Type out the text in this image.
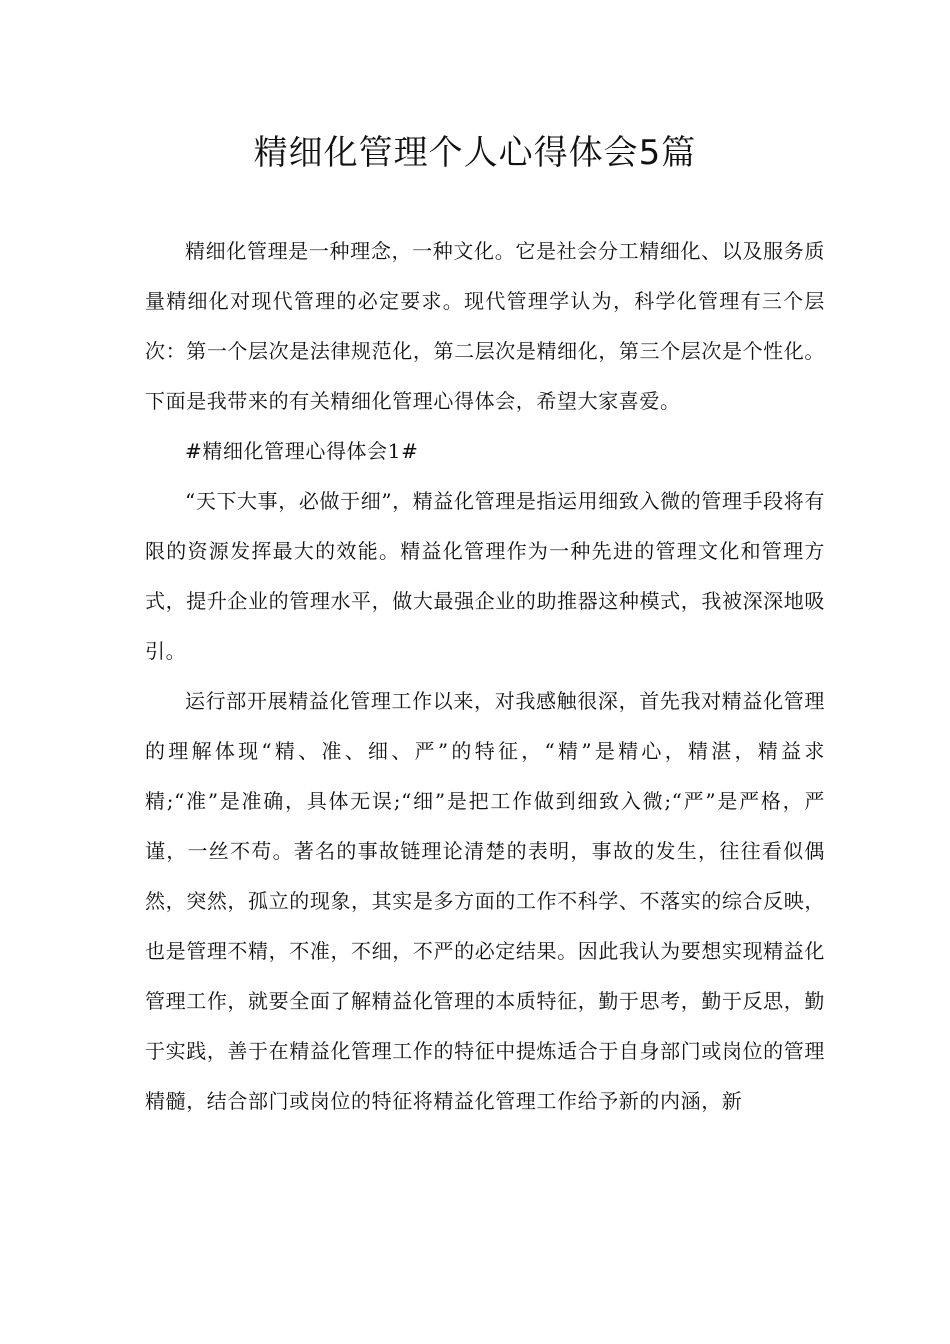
精细化管理个人心得体会5篇

精细化管理是一种理念，一种文化。它是社会分工精细化、以及服务质量精细化对现代管理的必定要求。现代管理学认为，科学化管理有三个层次：第一个层次是法律规范化，第二层次是精细化，第三个层次是个性化。下面是我带来的有关精细化管理心得体会，希望大家喜爱。

#精细化管理心得体会1#

“天下大事，必做于细”，精益化管理是指运用细致入微的管理手段将有限的资源发挥最大的效能。精益化管理作为一种先进的管理文化和管理方式，提升企业的管理水平，做大最强企业的助推器这种模式，我被深深地吸引。

运行部开展精益化管理工作以来，对我感触很深，首先我对精益化管理的理解体现“精、准、细、严”的特征，“精”是精心，精湛，精益求精;“准”是准确，具体无误;“细”是把工作做到细致入微;“严”是严格，严谨，一丝不苟。著名的事故链理论清楚的表明，事故的发生，往往看似偶然，突然，孤立的现象，其实是多方面的工作不科学、不落实的综合反映，也是管理不精，不准，不细，不严的必定结果。因此我认为要想实现精益化管理工作，就要全面了解精益化管理的本质特征，勤于思考，勤于反思，勤于实践，善于在精益化管理工作的特征中提炼适合于自身部门或岗位的管理精髓，结合部门或岗位的特征将精益化管理工作给予新的内涵，新
